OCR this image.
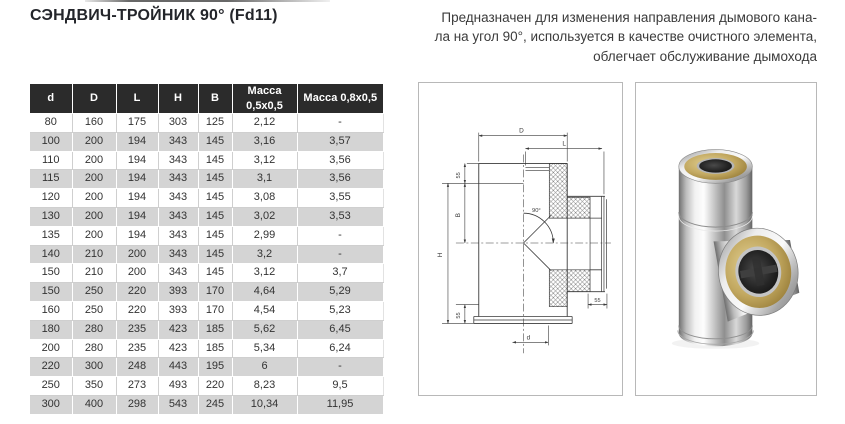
СЭНДВИЧ-ТРОЙНИК 90° (Fd11)	Предназначен для изменения направления дымового кана-
ла на угол 90°, используется в качестве очистного элемента,
облегчает обслуживание дымохода
d	D	L	H	B	Масса 0,5x0,5	Масса 0,8x0,5
80	160	175	303	125	2,12	-
100	200	194	343	145	3,16	3,57
110	200	194	343	145	3,12	3,56
115	200	194	343	145	3,1	3,56
120	200	194	343	145	3,08	3,55
130	200	194	343	145	3,02	3,53
135	200	194	343	145	2,99	-
140	210	200	343	145	3,2	-
150	210	200	343	145	3,12	3,7
150	250	220	393	170	4,64	5,29
160	250	220	393	170	4,54	5,23
180	280	235	423	185	5,62	6,45
200	280	235	423	185	5,34	6,24
220	300	248	443	195	6	-
250	350	273	493	220	8,23	9,5
300	400	298	543	245	10,34	11,95
D
L
55
B
H
55
55
d
90°
